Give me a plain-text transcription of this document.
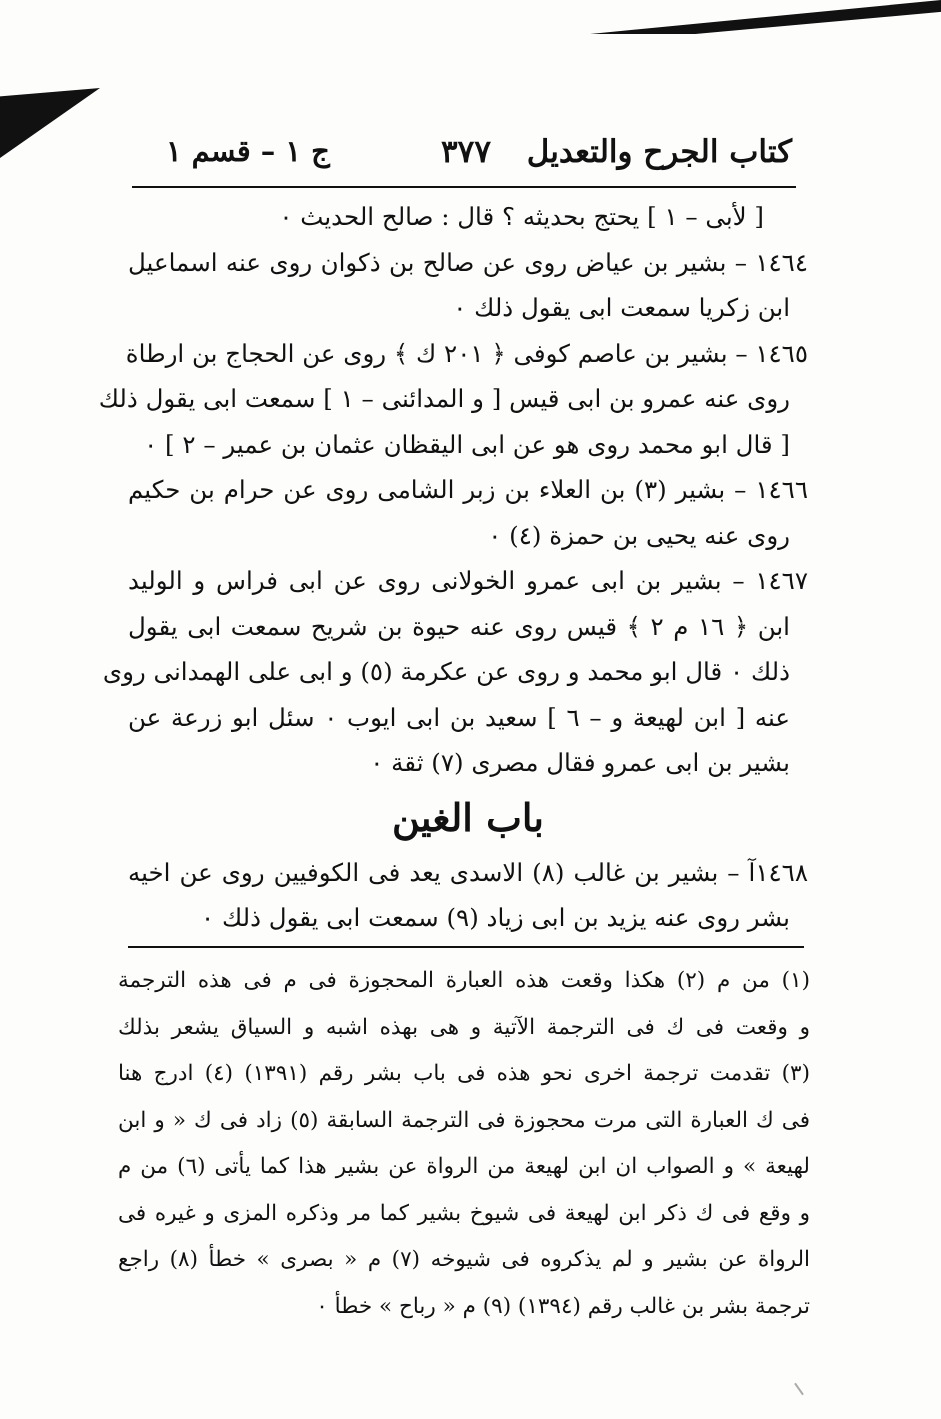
كتاب الجرح والتعديل
٣٧٧
ج ١ – قسم ١
[ لأبى – ١ ] يحتج بحديثه ؟ قال : صالح الحديث ٠
١٤٦٤ – بشير بن عياض روى عن صالح بن ذكوان روى عنه اسماعيل
ابن زكريا سمعت ابى يقول ذلك ٠
١٤٦٥ – بشير بن عاصم كوفى ﴿ ٢٠١ ك ﴾ روى عن الحجاج بن ارطاة
روى عنه عمرو بن ابى قيس [ و المدائنى – ١ ] سمعت ابى يقول ذلك
[ قال ابو محمد روى هو عن ابى اليقظان عثمان بن عمير – ٢ ] ٠
١٤٦٦ – بشير (٣) بن العلاء بن زبر الشامى روى عن حرام بن حكيم
روى عنه يحيى بن حمزة (٤) ٠
١٤٦٧ – بشير بن ابى عمرو الخولانى روى عن ابى فراس و الوليد
ابن ﴿ ١٦ م ٢ ﴾ قيس روى عنه حيوة بن شريح سمعت ابى يقول
ذلك ٠ قال ابو محمد و روى عن عكرمة (٥) و ابى على الهمدانى روى
عنه [ ابن لهيعة و – ٦ ] سعيد بن ابى ايوب ٠ سئل ابو زرعة عن
بشير بن ابى عمرو فقال مصرى (٧) ثقة ٠
باب الغين
١٤٦٨آ – بشير بن غالب (٨) الاسدى يعد فى الكوفيين روى عن اخيه
بشر روى عنه يزيد بن ابى زياد (٩) سمعت ابى يقول ذلك ٠
(١) من م (٢) هكذا وقعت هذه العبارة المحجوزة فى م فى هذه الترجمة
و وقعت فى ك فى الترجمة الآتية و هى بهذه اشبه و السياق يشعر بذلك
(٣) تقدمت ترجمة اخرى نحو هذه فى باب بشر رقم (١٣٩١) (٤) ادرج هنا
فى ك العبارة التى مرت محجوزة فى الترجمة السابقة (٥) زاد فى ك « و ابن
لهيعة » و الصواب ان ابن لهيعة من الرواة عن بشير هذا كما يأتى (٦) من م
و وقع فى ك ذكر ابن لهيعة فى شيوخ بشير كما مر وذكره المزى و غيره فى
الرواة عن بشير و لم يذكروه فى شيوخه (٧) م « بصرى » خطأ (٨) راجع
ترجمة بشر بن غالب رقم (١٣٩٤) (٩) م « رباح » خطأ ٠
